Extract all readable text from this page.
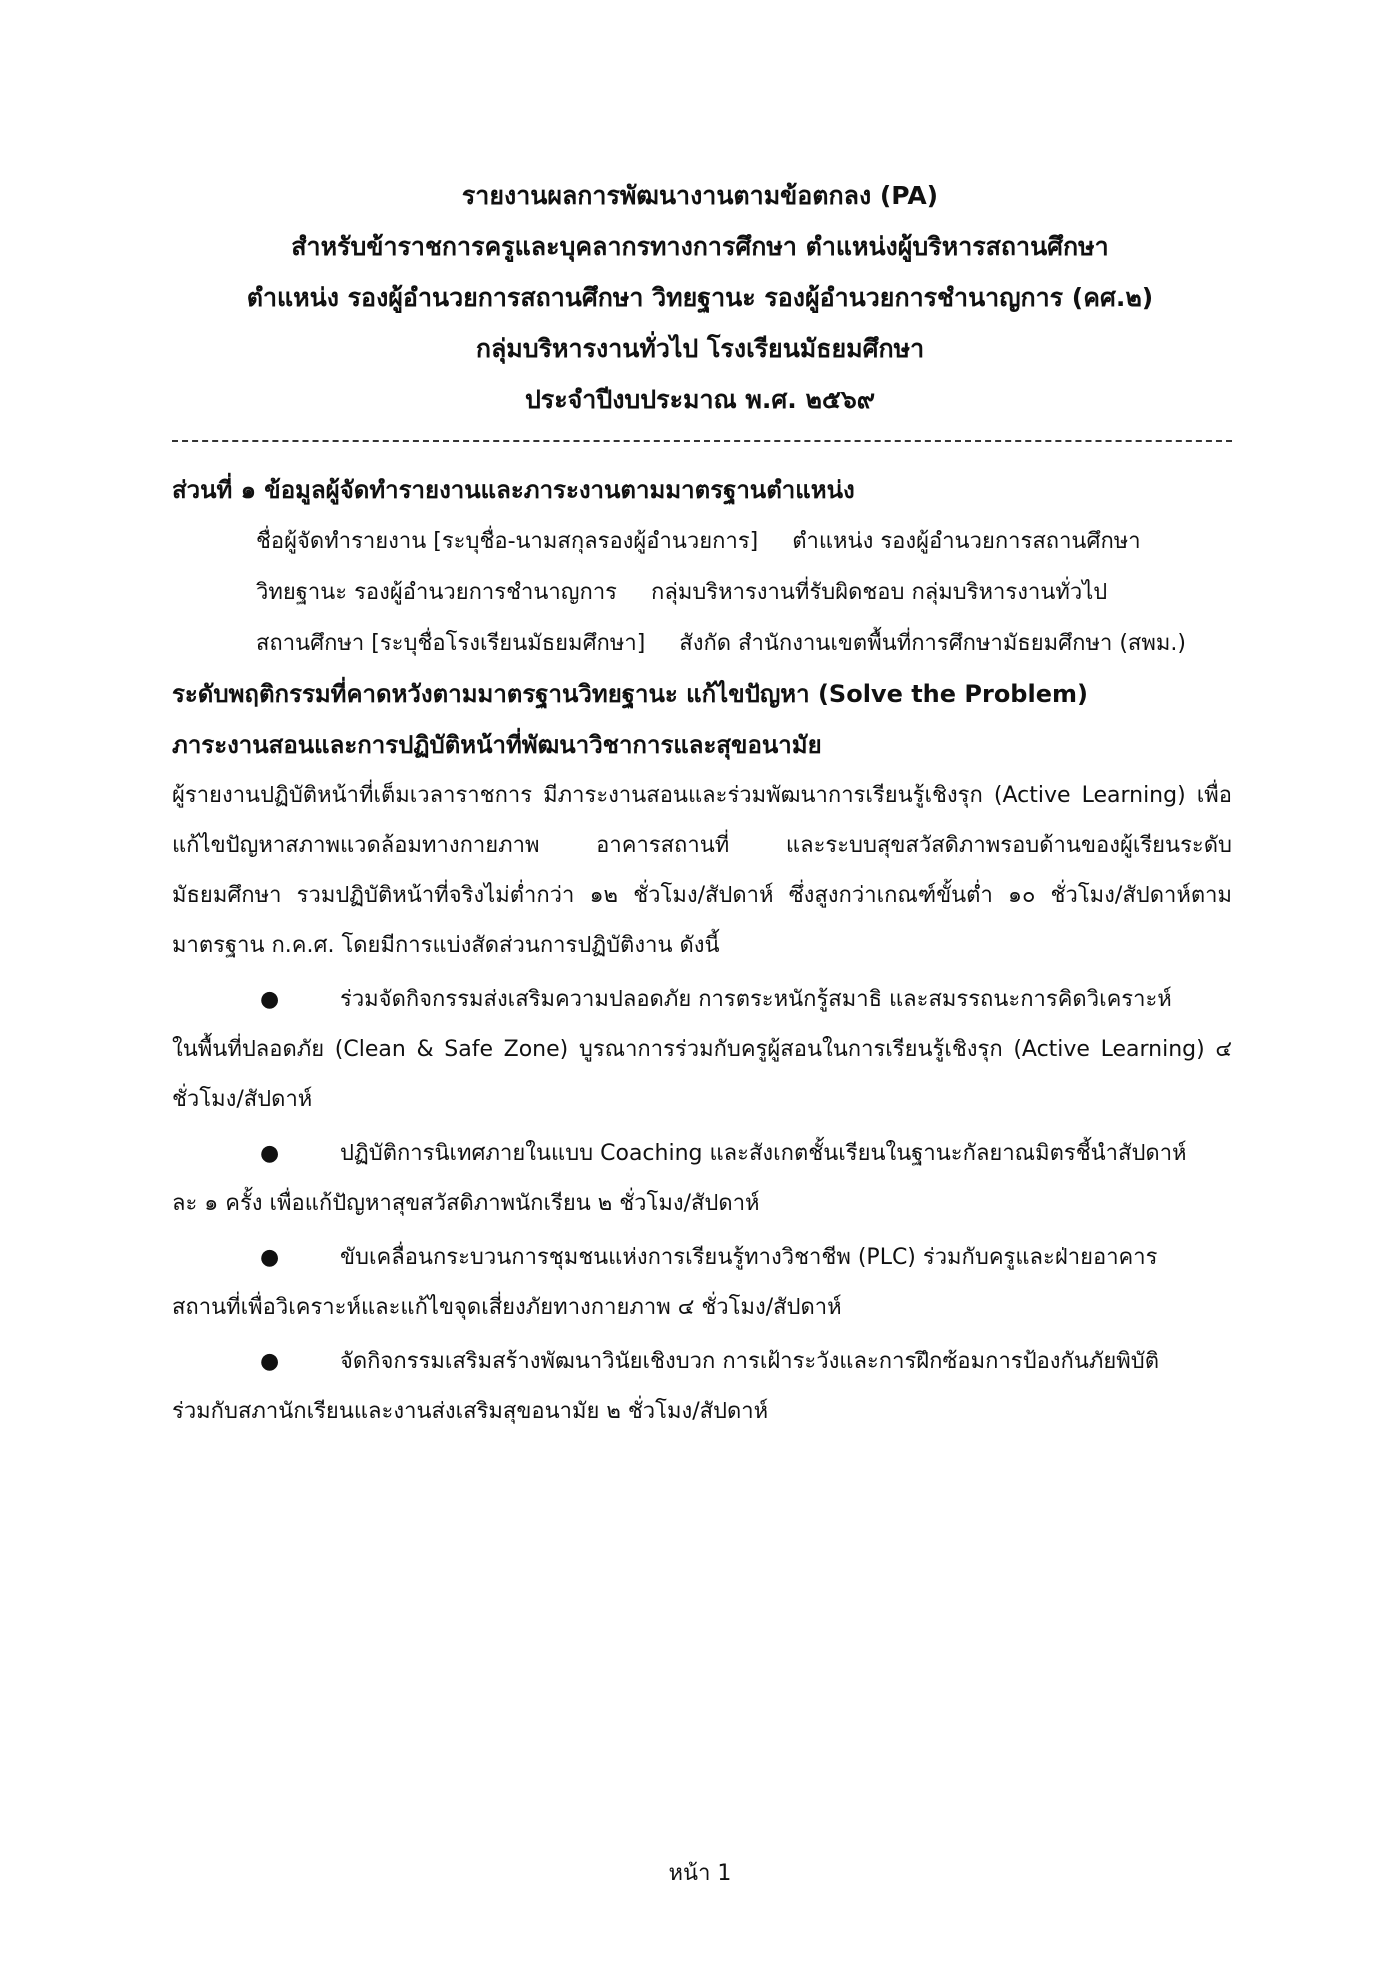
รายงานผลการพัฒนางานตามข้อตกลง (PA)
สำหรับข้าราชการครูและบุคลากรทางการศึกษา ตำแหน่งผู้บริหารสถานศึกษา
ตำแหน่ง รองผู้อำนวยการสถานศึกษา วิทยฐานะ รองผู้อำนวยการชำนาญการ (คศ.๒)
กลุ่มบริหารงานทั่วไป โรงเรียนมัธยมศึกษา
ประจำปีงบประมาณ พ.ศ. ๒๕๖๙
ส่วนที่ ๑ ข้อมูลผู้จัดทำรายงานและภาระงานตามมาตรฐานตำแหน่ง
ชื่อผู้จัดทำรายงาน [ระบุชื่อ-นามสกุลรองผู้อำนวยการ] ตำแหน่ง รองผู้อำนวยการสถานศึกษา
วิทยฐานะ รองผู้อำนวยการชำนาญการ กลุ่มบริหารงานที่รับผิดชอบ กลุ่มบริหารงานทั่วไป
สถานศึกษา [ระบุชื่อโรงเรียนมัธยมศึกษา] สังกัด สำนักงานเขตพื้นที่การศึกษามัธยมศึกษา (สพม.)
ระดับพฤติกรรมที่คาดหวังตามมาตรฐานวิทยฐานะ แก้ไขปัญหา (Solve the Problem)
ภาระงานสอนและการปฏิบัติหน้าที่พัฒนาวิชาการและสุขอนามัย
ผู้รายงานปฏิบัติหน้าที่เต็มเวลาราชการ มีภาระงานสอนและร่วมพัฒนาการเรียนรู้เชิงรุก (Active Learning) เพื่อแก้ไขปัญหาสภาพแวดล้อมทางกายภาพ อาคารสถานที่ และระบบสุขสวัสดิภาพรอบด้านของผู้เรียนระดับมัธยมศึกษา รวมปฏิบัติหน้าที่จริงไม่ต่ำกว่า ๑๒ ชั่วโมง/สัปดาห์ ซึ่งสูงกว่าเกณฑ์ขั้นต่ำ ๑๐ ชั่วโมง/สัปดาห์ตามมาตรฐาน ก.ค.ศ. โดยมีการแบ่งสัดส่วนการปฏิบัติงาน ดังนี้
●	ร่วมจัดกิจกรรมส่งเสริมความปลอดภัย การตระหนักรู้สมาธิ และสมรรถนะการคิดวิเคราะห์
ในพื้นที่ปลอดภัย (Clean & Safe Zone) บูรณาการร่วมกับครูผู้สอนในการเรียนรู้เชิงรุก (Active Learning) ๔ ชั่วโมง/สัปดาห์
●	ปฏิบัติการนิเทศภายในแบบ Coaching และสังเกตชั้นเรียนในฐานะกัลยาณมิตรชี้นำสัปดาห์
ละ ๑ ครั้ง เพื่อแก้ปัญหาสุขสวัสดิภาพนักเรียน ๒ ชั่วโมง/สัปดาห์
●	ขับเคลื่อนกระบวนการชุมชนแห่งการเรียนรู้ทางวิชาชีพ (PLC) ร่วมกับครูและฝ่ายอาคาร
สถานที่เพื่อวิเคราะห์และแก้ไขจุดเสี่ยงภัยทางกายภาพ ๔ ชั่วโมง/สัปดาห์
●	จัดกิจกรรมเสริมสร้างพัฒนาวินัยเชิงบวก การเฝ้าระวังและการฝึกซ้อมการป้องกันภัยพิบัติ
ร่วมกับสภานักเรียนและงานส่งเสริมสุขอนามัย ๒ ชั่วโมง/สัปดาห์
หน้า 1
